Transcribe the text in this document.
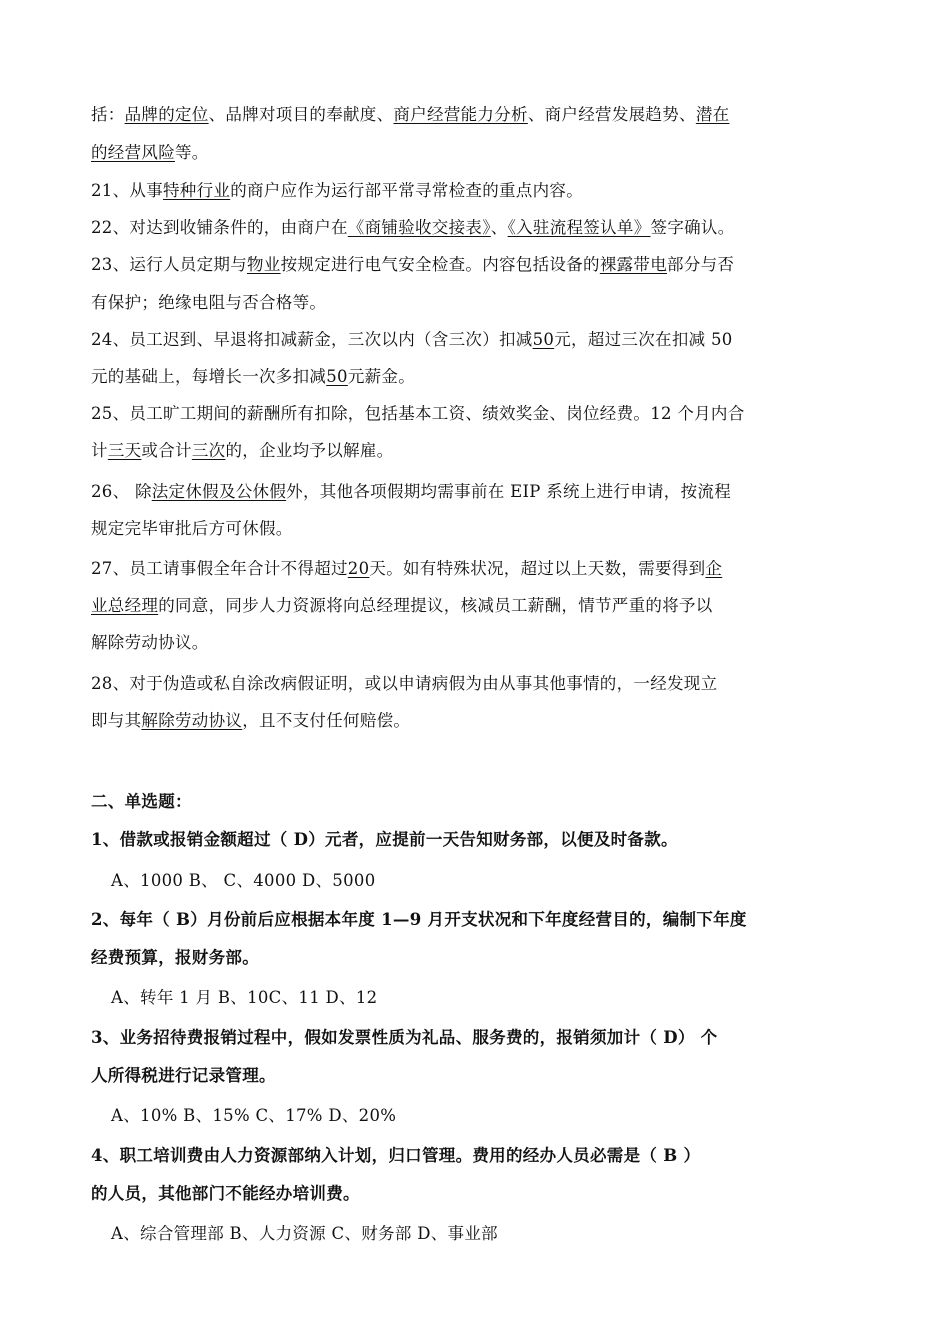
括：品牌的定位、品牌对项目的奉献度、商户经营能力分析、商户经营发展趋势、潜在
的经营风险等。
21、从事特种行业的商户应作为运行部平常寻常检查的重点内容。
22、对达到收铺条件的，由商户在《商铺验收交接表》、《入驻流程签认单》签字确认。
23、运行人员定期与物业按规定进行电气安全检查。内容包括设备的裸露带电部分与否
有保护；绝缘电阻与否合格等。
24、员工迟到、早退将扣减薪金，三次以内（含三次）扣减50元，超过三次在扣减 50
元的基础上，每增长一次多扣减50元薪金。
25、员工旷工期间的薪酬所有扣除，包括基本工资、绩效奖金、岗位经费。12 个月内合
计三天或合计三次的，企业均予以解雇。
26、 除法定休假及公休假外，其他各项假期均需事前在 EIP 系统上进行申请，按流程
规定完毕审批后方可休假。
27、员工请事假全年合计不得超过20天。如有特殊状况，超过以上天数，需要得到企
业总经理的同意，同步人力资源将向总经理提议，核减员工薪酬，情节严重的将予以
解除劳动协议。
28、对于伪造或私自涂改病假证明，或以申请病假为由从事其他事情的，一经发现立
即与其解除劳动协议，且不支付任何赔偿。
二、单选题：
1、借款或报销金额超过（ D）元者，应提前一天告知财务部，以便及时备款。
A、1000 B、 C、4000 D、5000
2、每年（ B）月份前后应根据本年度 1—9 月开支状况和下年度经营目的，编制下年度
经费预算，报财务部。
A、转年 1 月 B、10C、11 D、12
3、业务招待费报销过程中，假如发票性质为礼品、服务费的，报销须加计（ D） 个
人所得税进行记录管理。
A、10% B、15% C、17% D、20%
4、职工培训费由人力资源部纳入计划，归口管理。费用的经办人员必需是（ B ）
的人员，其他部门不能经办培训费。
A、综合管理部 B、人力资源 C、财务部 D、事业部
